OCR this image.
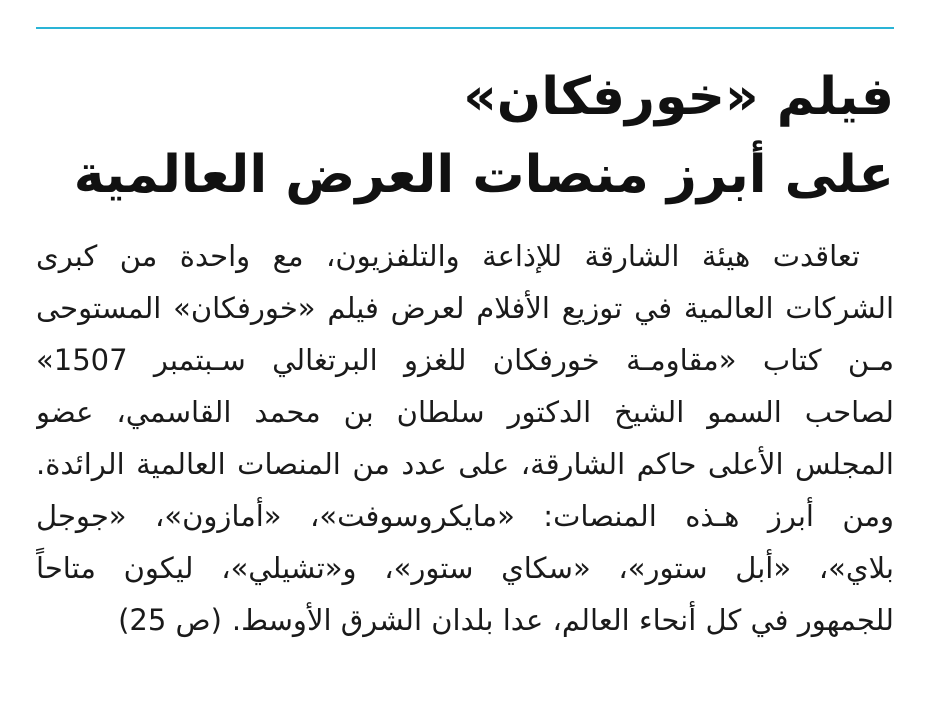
فيلم «خورفكان»
على أبرز منصات العرض العالمية
تعاقدت هيئة الشارقة للإذاعة والتلفزيون، مع واحدة من كبرى
الشركات العالمية في توزيع الأفلام لعرض فيلم «خورفكان» المستوحى
مـن كتاب «مقاومـة خورفكان للغزو البرتغالي سـبتمبر 1507»
لصاحب السمو الشيخ الدكتور سلطان بن محمد القاسمي، عضو
المجلس الأعلى حاكم الشارقة، على عدد من المنصات العالمية الرائدة.
ومن أبرز هـذه المنصات: «مايكروسوفت»، «أمازون»، «جوجل
بلاي»، «أبل ستور»، «سكاي ستور»، و«تشيلي»، ليكون متاحاً
للجمهور في كل أنحاء العالم، عدا بلدان الشرق الأوسط.(ص 25)
